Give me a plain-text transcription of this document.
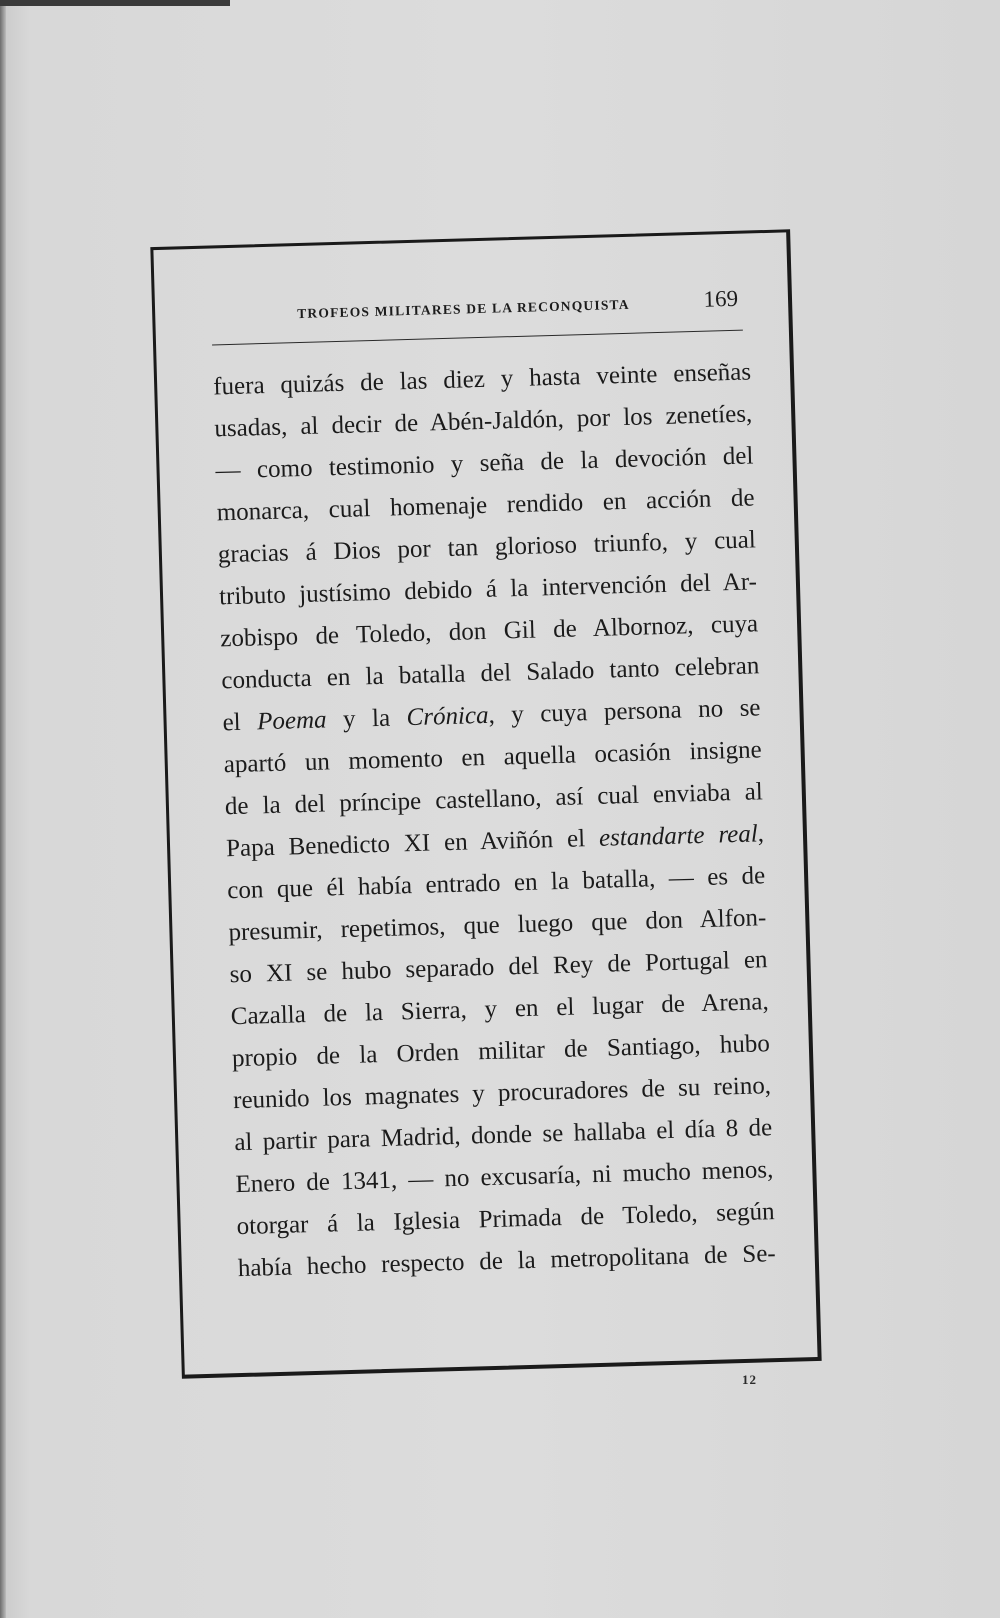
TROFEOS MILITARES DE LA RECONQUISTA	169
fuera quizás de las diez y hasta veinte enseñas
usadas, al decir de Abén-Jaldón, por los zenetíes,
— como testimonio y seña de la devoción del
monarca, cual homenaje rendido en acción de
gracias á Dios por tan glorioso triunfo, y cual
tributo justísimo debido á la intervención del Ar-
zobispo de Toledo, don Gil de Albornoz, cuya
conducta en la batalla del Salado tanto celebran
el Poema y la Crónica, y cuya persona no se
apartó un momento en aquella ocasión insigne
de la del príncipe castellano, así cual enviaba al
Papa Benedicto XI en Aviñón el estandarte real,
con que él había entrado en la batalla, — es de
presumir, repetimos, que luego que don Alfon-
so XI se hubo separado del Rey de Portugal en
Cazalla de la Sierra, y en el lugar de Arena,
propio de la Orden militar de Santiago, hubo
reunido los magnates y procuradores de su reino,
al partir para Madrid, donde se hallaba el día 8 de
Enero de 1341, — no excusaría, ni mucho menos,
otorgar á la Iglesia Primada de Toledo, según
había hecho respecto de la metropolitana de Se-
12
